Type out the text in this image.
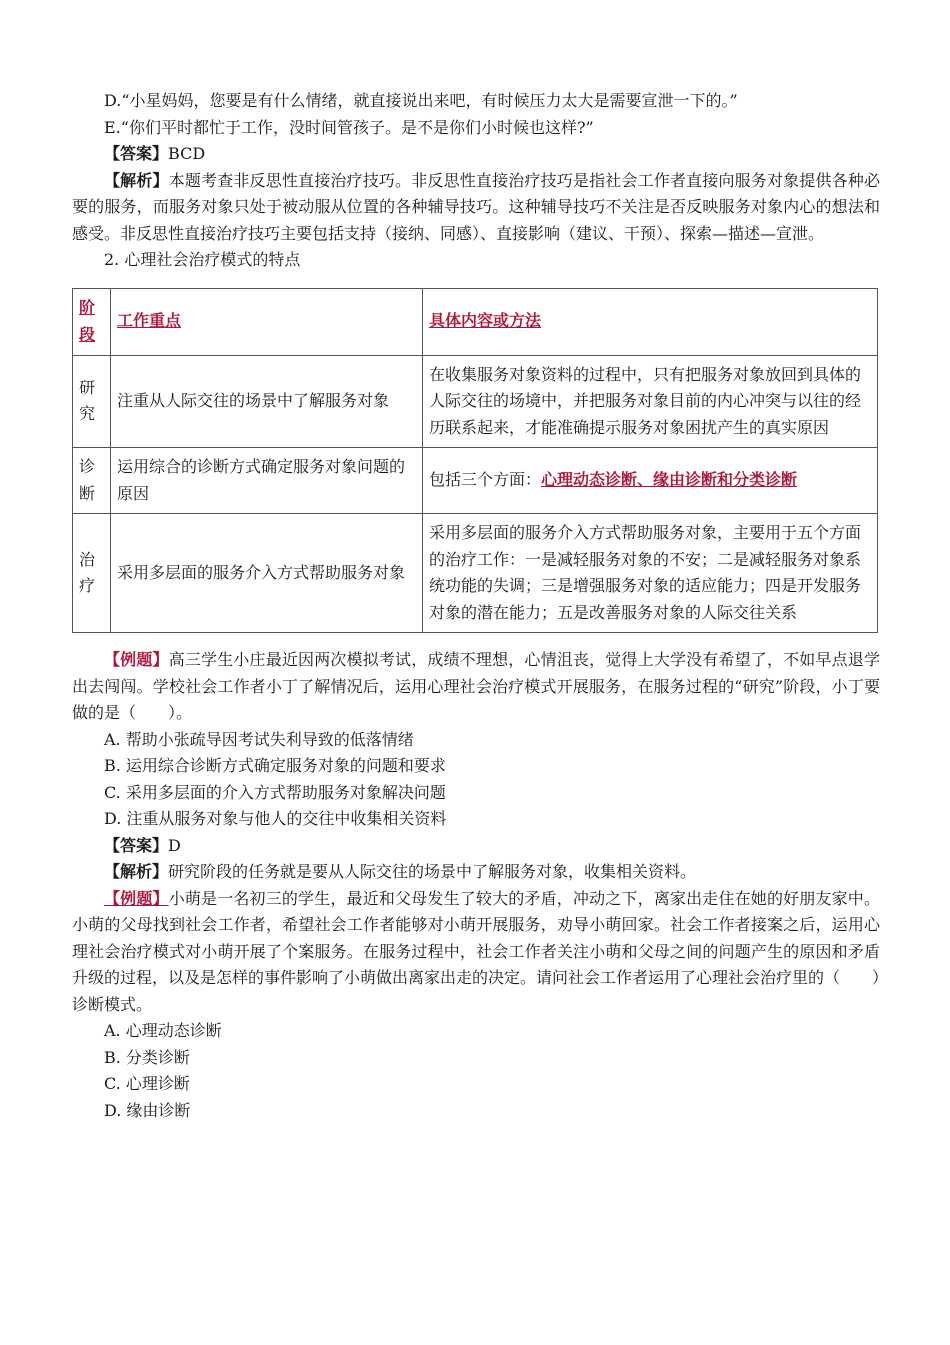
D.“小星妈妈，您要是有什么情绪，就直接说出来吧，有时候压力太大是需要宣泄一下的。”

E.“你们平时都忙于工作，没时间管孩子。是不是你们小时候也这样?”

【答案】BCD

【解析】本题考查非反思性直接治疗技巧。非反思性直接治疗技巧是指社会工作者直接向服务对象提供各种必要的服务，而服务对象只处于被动服从位置的各种辅导技巧。这种辅导技巧不关注是否反映服务对象内心的想法和感受。非反思性直接治疗技巧主要包括支持（接纳、同感）、直接影响（建议、干预）、探索—描述—宣泄。

2. 心理社会治疗模式的特点

阶段	工作重点	具体内容或方法
研究	注重从人际交往的场景中了解服务对象	在收集服务对象资料的过程中，只有把服务对象放回到具体的人际交往的场境中，并把服务对象目前的内心冲突与以往的经历联系起来，才能准确提示服务对象困扰产生的真实原因
诊断	运用综合的诊断方式确定服务对象问题的原因	包括三个方面：心理动态诊断、缘由诊断和分类诊断
治疗	采用多层面的服务介入方式帮助服务对象	采用多层面的服务介入方式帮助服务对象，主要用于五个方面的治疗工作：一是减轻服务对象的不安；二是减轻服务对象系统功能的失调；三是增强服务对象的适应能力；四是开发服务对象的潜在能力；五是改善服务对象的人际交往关系

【例题】高三学生小庄最近因两次模拟考试，成绩不理想，心情沮丧，觉得上大学没有希望了，不如早点退学出去闯闯。学校社会工作者小丁了解情况后，运用心理社会治疗模式开展服务，在服务过程的“研究”阶段，小丁要做的是（　　）。

A. 帮助小张疏导因考试失利导致的低落情绪

B. 运用综合诊断方式确定服务对象的问题和要求

C. 采用多层面的介入方式帮助服务对象解决问题

D. 注重从服务对象与他人的交往中收集相关资料

【答案】D

【解析】研究阶段的任务就是要从人际交往的场景中了解服务对象，收集相关资料。

【例题】小萌是一名初三的学生，最近和父母发生了较大的矛盾，冲动之下，离家出走住在她的好朋友家中。小萌的父母找到社会工作者，希望社会工作者能够对小萌开展服务，劝导小萌回家。社会工作者接案之后，运用心理社会治疗模式对小萌开展了个案服务。在服务过程中，社会工作者关注小萌和父母之间的问题产生的原因和矛盾升级的过程，以及是怎样的事件影响了小萌做出离家出走的决定。请问社会工作者运用了心理社会治疗里的（　　）诊断模式。

A. 心理动态诊断

B. 分类诊断

C. 心理诊断

D. 缘由诊断
